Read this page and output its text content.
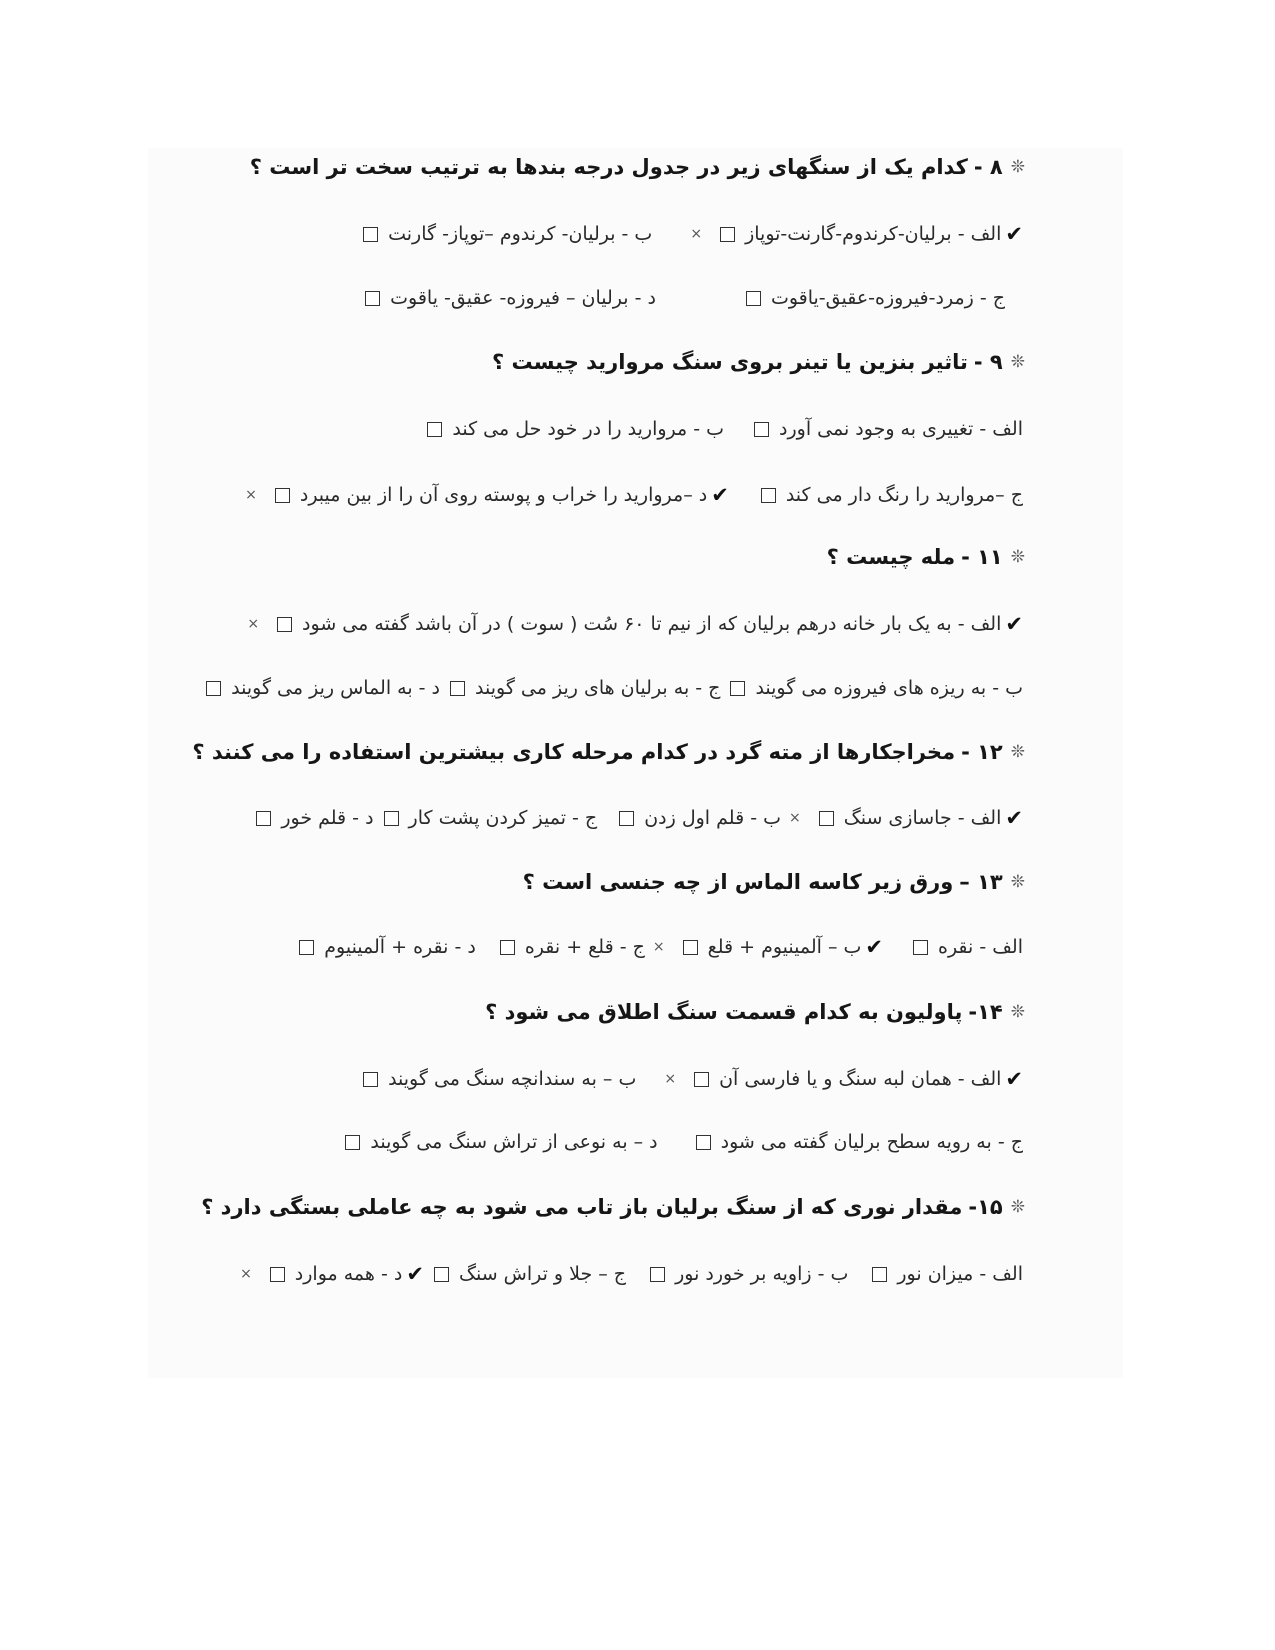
❊
۸ -
کدام یک از سنگهای زیر در جدول درجه بندها به ترتیب سخت تر است ؟
✔
الف - برلیان-کرندوم-گارنت-توپاز
×
ب - برلیان- کرندوم –توپاز- گارنت
ج - زمرد-فیروزه-عقیق-یاقوت
د - برلیان – فیروزه- عقیق- یاقوت
❊
۹ -
تاثیر بنزین یا تینر بروی سنگ مروارید چیست ؟
الف - تغییری به وجود نمی آورد
ب - مروارید را در خود حل می کند
ج –مروارید را رنگ دار می کند
✔
د –مروارید را خراب و پوسته روی آن را از بین میبرد
×
❊
۱۱ -
مله چیست ؟
✔
الف - به یک بار خانه درهم برلیان که از نیم تا ۶۰ سُت ( سوت ) در آن باشد گفته می شود
×
ب - به ریزه های فیروزه می گویند
ج - به برلیان های ریز می گویند
د - به الماس ریز می گویند
❊
۱۲ -
مخراجکارها از مته گرد در کدام مرحله کاری بیشترین استفاده را می کنند ؟
✔
الف - جاسازی سنگ
×
ب - قلم اول زدن
ج - تمیز کردن پشت کار
د - قلم خور
❊
۱۳ –
ورق زیر کاسه الماس از چه جنسی است ؟
الف - نقره
✔
ب – آلمینیوم + قلع
×
ج - قلع + نقره
د - نقره + آلمینیوم
❊
۱۴-
پاولیون به کدام قسمت سنگ اطلاق می شود ؟
✔
الف - همان لبه سنگ و یا فارسی آن
×
ب – به سندانچه سنگ می گویند
ج - به رویه سطح برلیان گفته می شود
د – به نوعی از تراش سنگ می گویند
❊
۱۵-
مقدار نوری که از سنگ برلیان باز تاب می شود به چه عاملی بستگی دارد ؟
الف - میزان نور
ب - زاویه بر خورد نور
ج – جلا و تراش سنگ
✔
د - همه موارد
×
